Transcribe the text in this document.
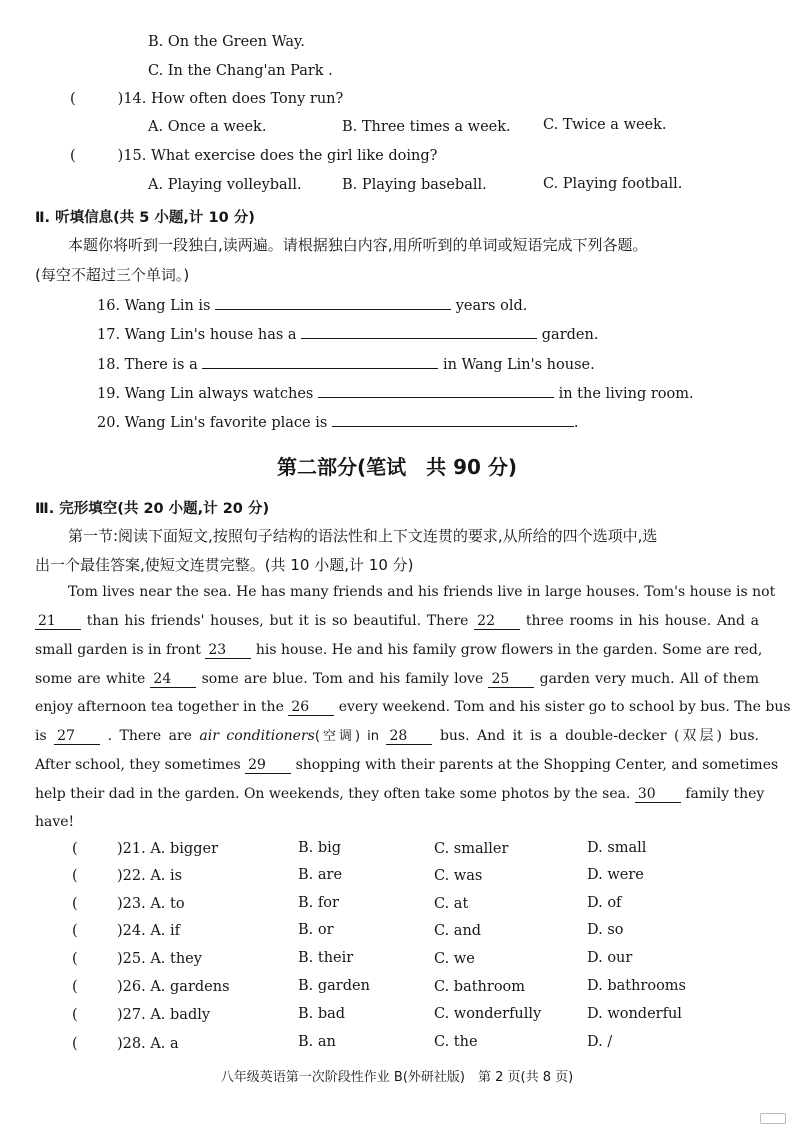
B. On the Green Way.
C. In the Chang'an Park .
(	)14. How often does Tony run?
A. Once a week.	B. Three times a week. C. Twice a week.
(	)15. What exercise does the girl like doing?
A. Playing volleyball.	B. Playing baseball.	C. Playing football.
Ⅱ. 听填信息(共 5 小题,计 10 分)
本题你将听到一段独白,读两遍。请根据独白内容,用所听到的单词或短语完成下列各题。
(每空不超过三个单词。)
16. Wang Lin is	years old.
17. Wang Lin's house has a	garden.
18. There is a	in Wang Lin's house.
19. Wang Lin always watches	in the living room.
20. Wang Lin's favorite place is	.
第二部分(笔试　共 90 分)
Ⅲ. 完形填空(共 20 小题,计 20 分)
第一节:阅读下面短文,按照句子结构的语法性和上下文连贯的要求,从所给的四个选项中,选
出一个最佳答案,使短文连贯完整。(共 10 小题,计 10 分)
Tom lives near the sea. He has many friends and his friends live in large houses. Tom's house is not
21 than his friends' houses, but it is so beautiful. There 22 three rooms in his house. And a
small garden is in front 23 his house. He and his family grow flowers in the garden. Some are red,
some are white 24 some are blue. Tom and his family love 25 garden very much. All of them
enjoy afternoon tea together in the 26 every weekend. Tom and his sister go to school by bus. The bus
is 27 . There are air conditioners(空调) in 28 bus. And it is a double-decker (双层) bus.
After school, they sometimes 29 shopping with their parents at the Shopping Center, and sometimes
help their dad in the garden. On weekends, they often take some photos by the sea. 30 family they
have!
(	)21. A. bigger	B. big	C. smaller	D. small
(	)22. A. is	B. are	C. was	D. were
(	)23. A. to	B. for	C. at	D. of
(	)24. A. if	B. or	C. and	D. so
(	)25. A. they	B. their	C. we	D. our
(	)26. A. gardens	B. garden	C. bathroom	D. bathrooms
(	)27. A. badly	B. bad	C. wonderfully	D. wonderful
(	)28. A. a	B. an	C. the	D. /
八年级英语第一次阶段性作业 B(外研社版)　第 2 页(共 8 页)
